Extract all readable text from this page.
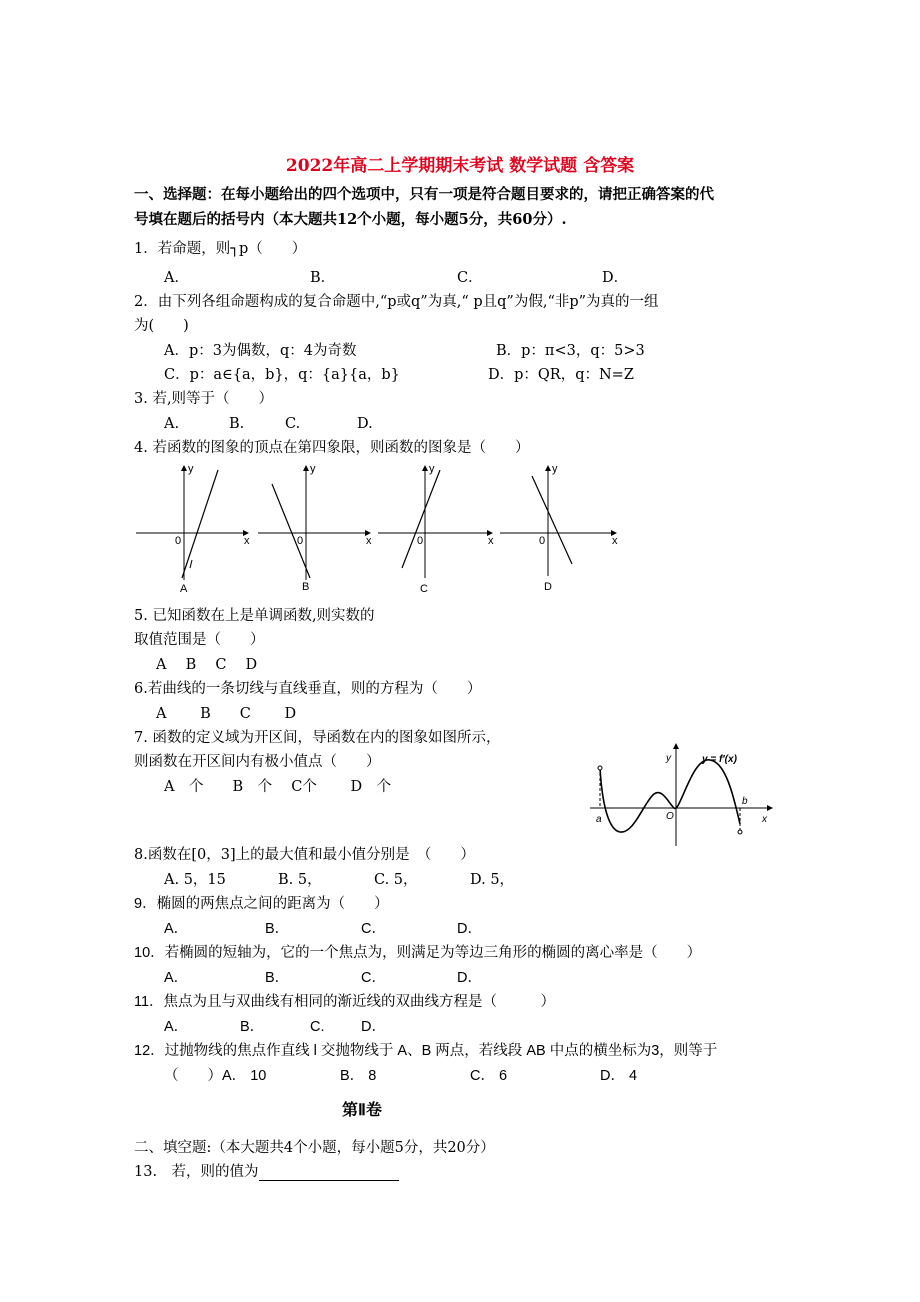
2022年高二上学期期末考试 数学试题 含答案
一、选择题：在每小题给出的四个选项中，只有一项是符合题目要求的，请把正确答案的代
号填在题后的括号内（本大题共12个小题，每小题5分，共60分）.
1．若命题，则┐p（　　）
A．	B．	C．	D．
2．由下列各组命题构成的复合命题中,“p或q”为真,“ p且q”为假,“非p”为真的一组
为(　　)
A．p：3为偶数，q：4为奇数	B．p：π<3，q：5>3
C．p：a∈{a，b}，q：{a}{a，b}	D．p：QR，q：N=Z
3. 若,则等于（　　）
A.	B.	C.	D.
4. 若函数的图象的顶点在第四象限，则函数的图象是（　　）
y
x
0
A
y
x
0
B
y
x
0
C
y
x
0
D
5. 已知函数在上是单调函数,则实数的
取值范围是（　　）
A　 B　 C　 D
6.若曲线的一条切线与直线垂直，则的方程为（　　）
A　　 B　　C　　 D
7. 函数的定义域为开区间，导函数在内的图象如图所示，
则函数在开区间内有极小值点（　　）
A　个　　B　个　 C个　　 D　个
y
x
a	O
b
y = f′(x)
8.函数在[0，3]上的最大值和最小值分别是　（　　）
A. 5，15	B. 5，	C. 5，	D. 5，
9．椭圆的两焦点之间的距离为（　　）
A．	B．	C．	D．
10．若椭圆的短轴为，它的一个焦点为，则满足为等边三角形的椭圆的离心率是（　　）
A．	B．	C．	D．
11．焦点为且与双曲线有相同的渐近线的双曲线方程是（　　　）
A．	B．	C.	D．
12．过抛物线的焦点作直线 l 交抛物线于 A、B 两点，若线段 AB 中点的横坐标为3，则等于
（　　）A． 10	B． 8	C． 6	D． 4
第Ⅱ卷
二、填空题:（本大题共4个小题，每小题5分，共20分）
13.　若，则的值为
